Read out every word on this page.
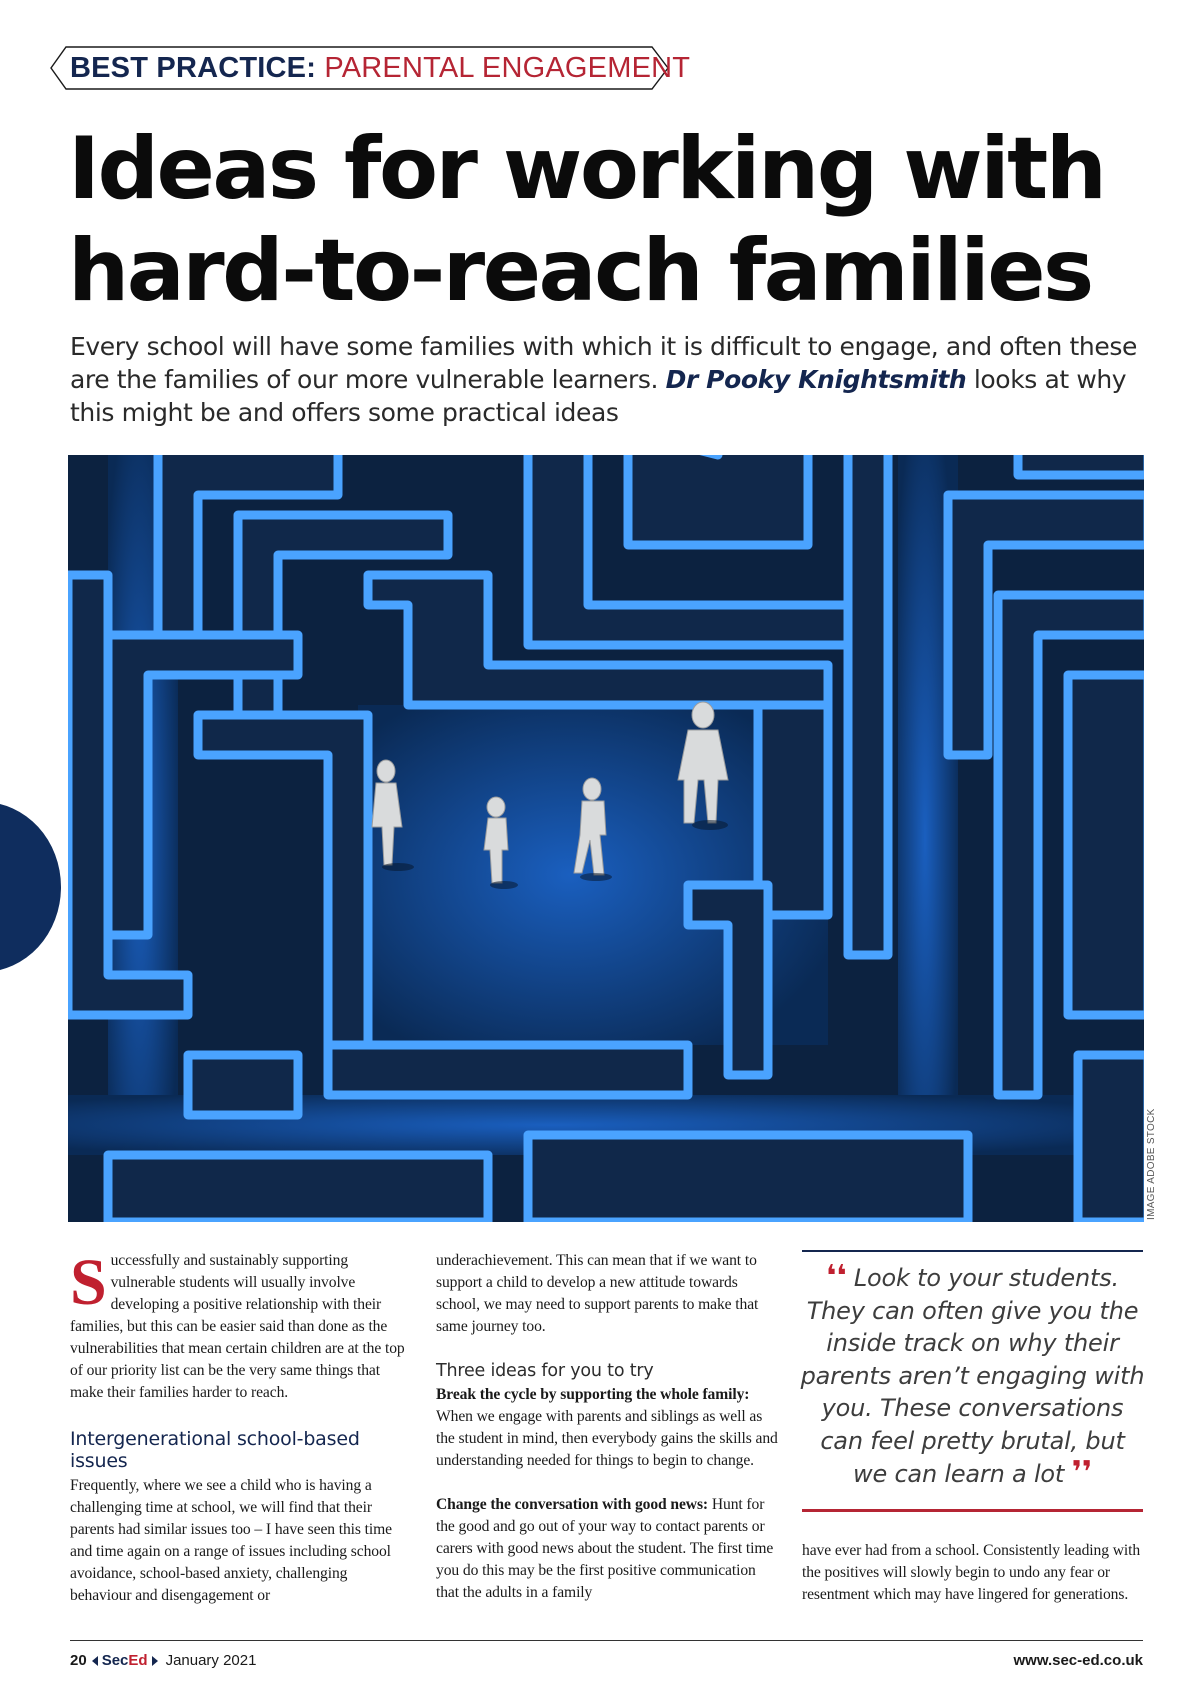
BEST PRACTICE: PARENTAL ENGAGEMENT
Ideas for working with
hard-to-reach families

Every school will have some families with which it is difficult to engage, and often these are the families of our more vulnerable learners. Dr Pooky Knightsmith looks at why this might be and offers some practical ideas

IMAGE ADOBE STOCK

Successfully and sustainably supporting vulnerable students will usually involve developing a positive relationship with their families, but this can be easier said than done as the vulnerabilities that mean certain children are at the top of our priority list can be the very same things that make their families harder to reach.

Intergenerational school-based issues

Frequently, where we see a child who is having a challenging time at school, we will find that their parents had similar issues too – I have seen this time and time again on a range of issues including school avoidance, school-based anxiety, challenging behaviour and disengagement or

underachievement. This can mean that if we want to support a child to develop a new attitude towards school, we may need to support parents to make that same journey too.

Three ideas for you to try

Break the cycle by supporting the whole family: When we engage with parents and siblings as well as the student in mind, then everybody gains the skills and understanding needed for things to begin to change.

Change the conversation with good news: Hunt for the good and go out of your way to contact parents or carers with good news about the student. The first time you do this may be the first positive communication that the adults in a family

❛❛ Look to your students. They can often give you the inside track on why their parents aren’t engaging with you. These conversations can feel pretty brutal, but we can learn a lot ❜❜

have ever had from a school. Consistently leading with the positives will slowly begin to undo any fear or resentment which may have lingered for generations.

20 Sec Ed January 2021	www.sec-ed.co.uk
